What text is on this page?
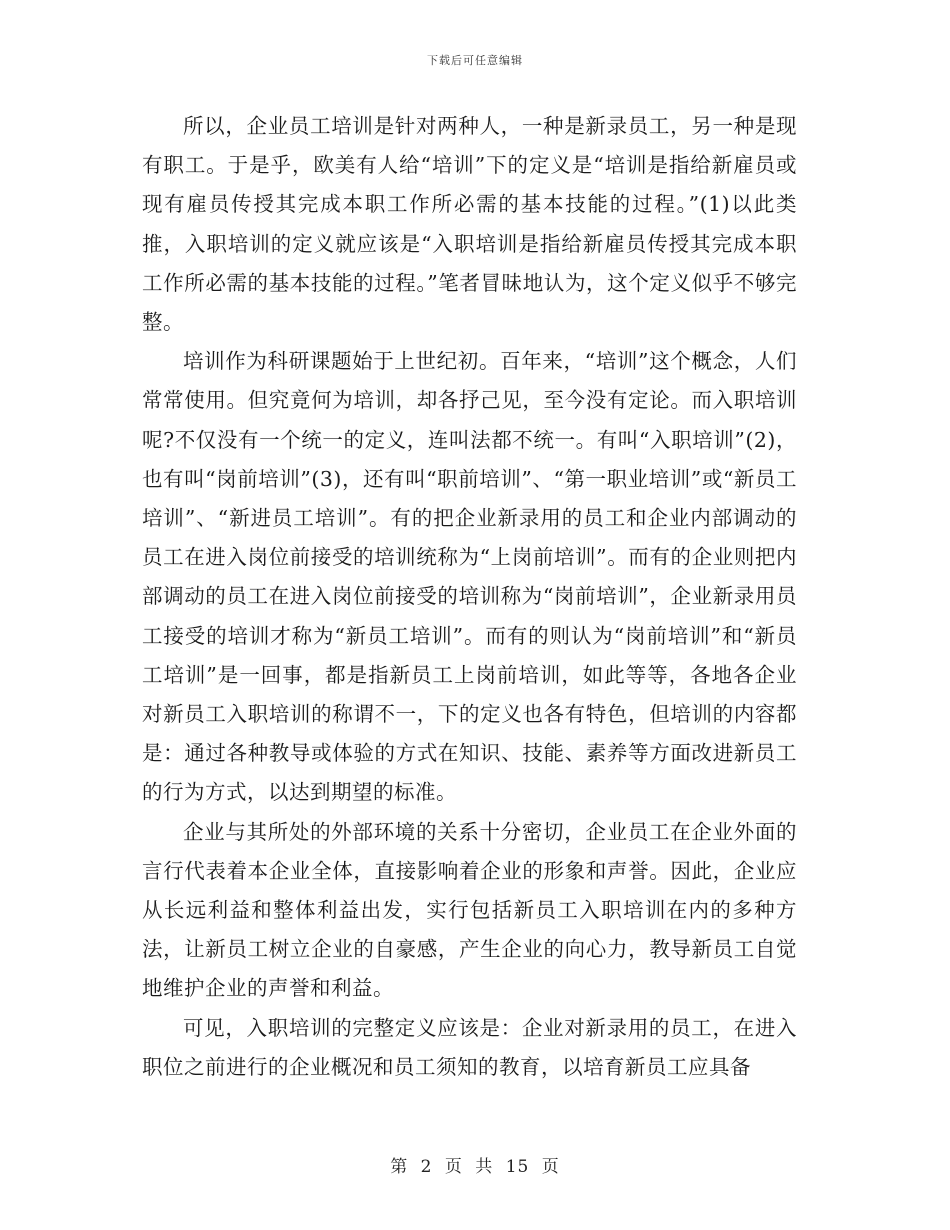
下载后可任意编辑

所以，企业员工培训是针对两种人，一种是新录员工，另一种是现有职工。于是乎，欧美有人给“培训”下的定义是“培训是指给新雇员或现有雇员传授其完成本职工作所必需的基本技能的过程。”(1)以此类推，入职培训的定义就应该是“入职培训是指给新雇员传授其完成本职工作所必需的基本技能的过程。”笔者冒昧地认为，这个定义似乎不够完整。

培训作为科研课题始于上世纪初。百年来，“培训”这个概念，人们常常使用。但究竟何为培训，却各抒己见，至今没有定论。而入职培训呢?不仅没有一个统一的定义，连叫法都不统一。有叫“入职培训”(2)，也有叫“岗前培训”(3)，还有叫“职前培训”、“第一职业培训”或“新员工培训”、“新进员工培训”。有的把企业新录用的员工和企业内部调动的员工在进入岗位前接受的培训统称为“上岗前培训”。而有的企业则把内部调动的员工在进入岗位前接受的培训称为“岗前培训”，企业新录用员工接受的培训才称为“新员工培训”。而有的则认为“岗前培训”和“新员工培训”是一回事，都是指新员工上岗前培训，如此等等，各地各企业对新员工入职培训的称谓不一，下的定义也各有特色，但培训的内容都是：通过各种教导或体验的方式在知识、技能、素养等方面改进新员工的行为方式，以达到期望的标准。

企业与其所处的外部环境的关系十分密切，企业员工在企业外面的言行代表着本企业全体，直接影响着企业的形象和声誉。因此，企业应从长远利益和整体利益出发，实行包括新员工入职培训在内的多种方法，让新员工树立企业的自豪感，产生企业的向心力，教导新员工自觉地维护企业的声誉和利益。

可见，入职培训的完整定义应该是：企业对新录用的员工，在进入职位之前进行的企业概况和员工须知的教育，以培育新员工应具备

第 2 页 共 15 页
